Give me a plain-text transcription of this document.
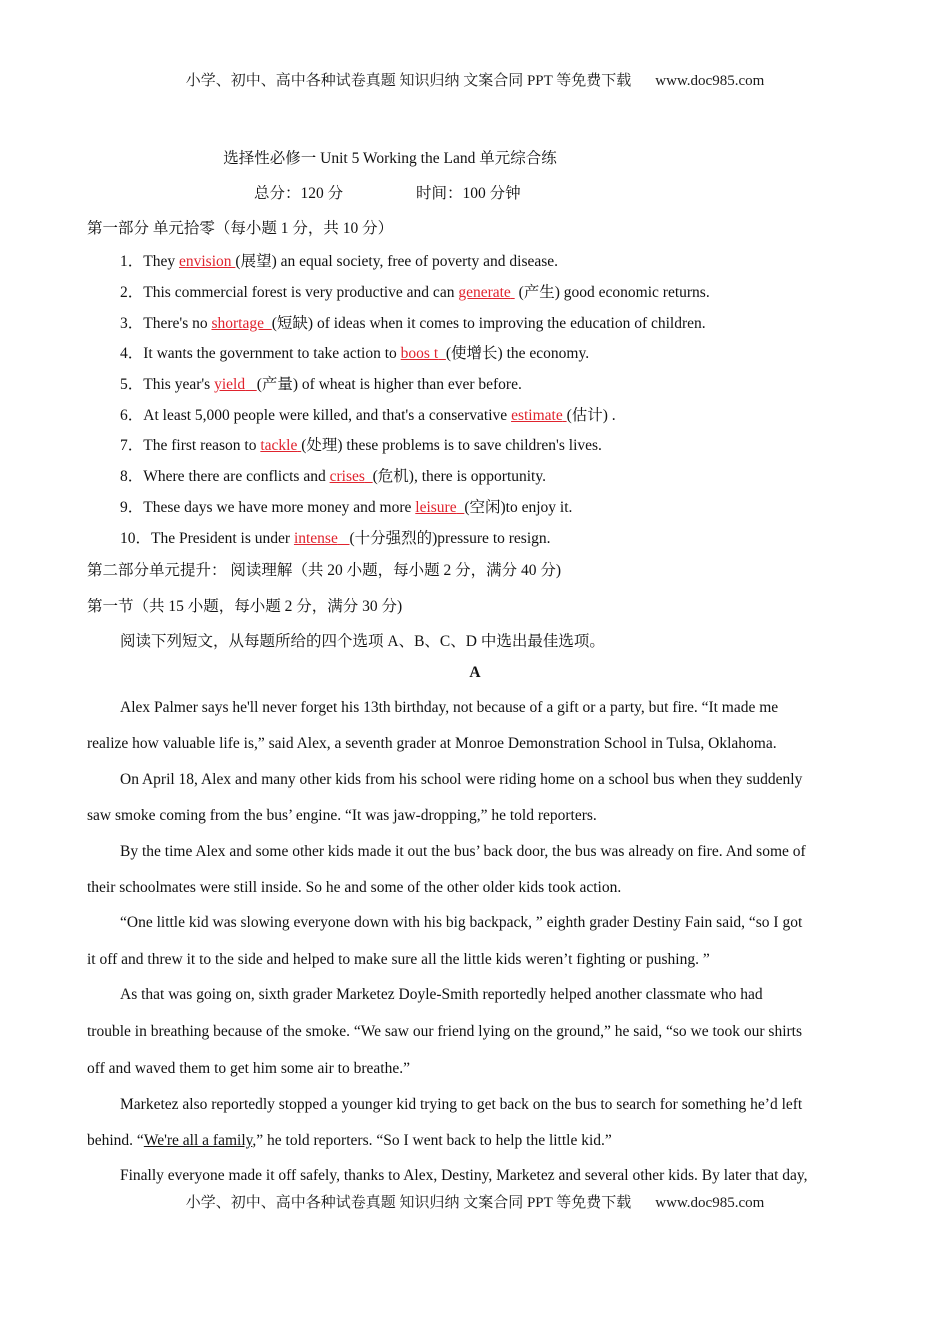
小学、初中、高中各种试卷真题 知识归纳 文案合同 PPT 等免费下载 www.doc985.com
选择性必修一 Unit 5 Working the Land 单元综合练
总分：120 分	时间：100 分钟
第一部分 单元拾零（每小题 1 分，共 10 分）
1．They envision (展望) an equal society, free of poverty and disease.
2．This commercial forest is very productive and can generate  (产生) good economic returns.
3．There's no shortage (短缺) of ideas when it comes to improving the education of children.
4．It wants the government to take action to boos t (使增长) the economy.
5．This year's yield (产量) of wheat is higher than ever before.
6．At least 5,000 people were killed, and that's a conservative estimate (估计) .
7．The first reason to tackle (处理) these problems is to save children's lives.
8．Where there are conflicts and crises (危机), there is opportunity.
9．These days we have more money and more leisure (空闲)to enjoy it.
10．The President is under intense (十分强烈的)pressure to resign.
第二部分单元提升： 阅读理解（共 20 小题，每小题 2 分，满分 40 分)
第一节（共 15 小题，每小题 2 分，满分 30 分)
阅读下列短文，从每题所给的四个选项 A、B、C、D 中选出最佳选项。
A
Alex Palmer says he'll never forget his 13th birthday, not because of a gift or a party, but fire. “It made me
realize how valuable life is,” said Alex, a seventh grader at Monroe Demonstration School in Tulsa, Oklahoma.
On April 18, Alex and many other kids from his school were riding home on a school bus when they suddenly
saw smoke coming from the bus’ engine. “It was jaw-dropping,” he told reporters.
By the time Alex and some other kids made it out the bus’ back door, the bus was already on fire. And some of
their schoolmates were still inside. So he and some of the other older kids took action.
“One little kid was slowing everyone down with his big backpack, ” eighth grader Destiny Fain said, “so I got
it off and threw it to the side and helped to make sure all the little kids weren’t fighting or pushing. ”
As that was going on, sixth grader Marketez Doyle-Smith reportedly helped another classmate who had
trouble in breathing because of the smoke. “We saw our friend lying on the ground,” he said, “so we took our shirts
off and waved them to get him some air to breathe.”
Marketez also reportedly stopped a younger kid trying to get back on the bus to search for something he’d left
behind. “We're all a family,” he told reporters. “So I went back to help the little kid.”
Finally everyone made it off safely, thanks to Alex, Destiny, Marketez and several other kids. By later that day,
小学、初中、高中各种试卷真题 知识归纳 文案合同 PPT 等免费下载 www.doc985.com
